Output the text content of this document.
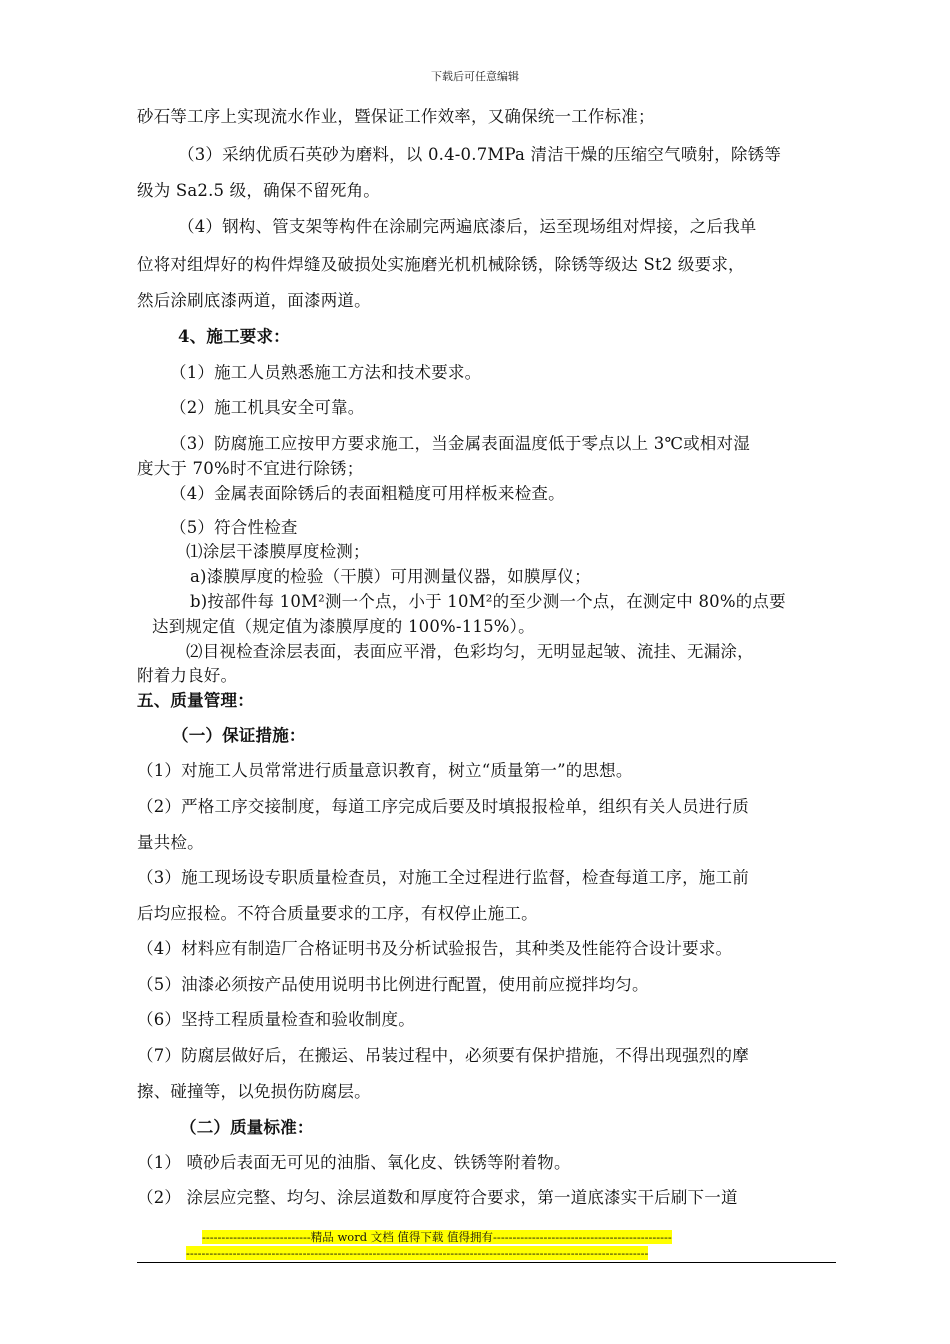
下载后可任意编辑
砂石等工序上实现流水作业，暨保证工作效率，又确保统一工作标准；
（3）采纳优质石英砂为磨料，以 0.4-0.7MPa 清洁干燥的压缩空气喷射，除锈等
级为 Sa2.5 级，确保不留死角。
（4）钢构、管支架等构件在涂刷完两遍底漆后，运至现场组对焊接，之后我单
位将对组焊好的构件焊缝及破损处实施磨光机机械除锈，除锈等级达 St2 级要求，
然后涂刷底漆两道，面漆两道。
4、施工要求：
（1）施工人员熟悉施工方法和技术要求。
（2）施工机具安全可靠。
（3）防腐施工应按甲方要求施工，当金属表面温度低于零点以上 3℃或相对湿
度大于 70%时不宜进行除锈；
（4）金属表面除锈后的表面粗糙度可用样板来检查。
（5）符合性检查
⑴涂层干漆膜厚度检测；
a)漆膜厚度的检验（干膜）可用测量仪器，如膜厚仪；
b)按部件每 10M²测一个点，小于 10M²的至少测一个点，在测定中 80%的点要
达到规定值（规定值为漆膜厚度的 100%-115%）。
⑵目视检查涂层表面，表面应平滑，色彩均匀，无明显起皱、流挂、无漏涂，
附着力良好。
五、质量管理：
（一）保证措施：
（1）对施工人员常常进行质量意识教育，树立“质量第一”的思想。
（2）严格工序交接制度，每道工序完成后要及时填报报检单，组织有关人员进行质
量共检。
（3）施工现场设专职质量检查员，对施工全过程进行监督，检查每道工序，施工前
后均应报检。不符合质量要求的工序，有权停止施工。
（4）材料应有制造厂合格证明书及分析试验报告，其种类及性能符合设计要求。
（5）油漆必须按产品使用说明书比例进行配置，使用前应搅拌均匀。
（6）坚持工程质量检查和验收制度。
（7）防腐层做好后，在搬运、吊装过程中，必须要有保护措施，不得出现强烈的摩
擦、碰撞等，以免损伤防腐层。
（二）质量标准：
（1） 喷砂后表面无可见的油脂、氧化皮、铁锈等附着物。
（2） 涂层应完整、均匀、涂层道数和厚度符合要求，第一道底漆实干后刷下一道
----------------------------精品 word 文档 值得下载 值得拥有----------------------------------------------
-----------------------------------------------------------------------------------------------------------------------
